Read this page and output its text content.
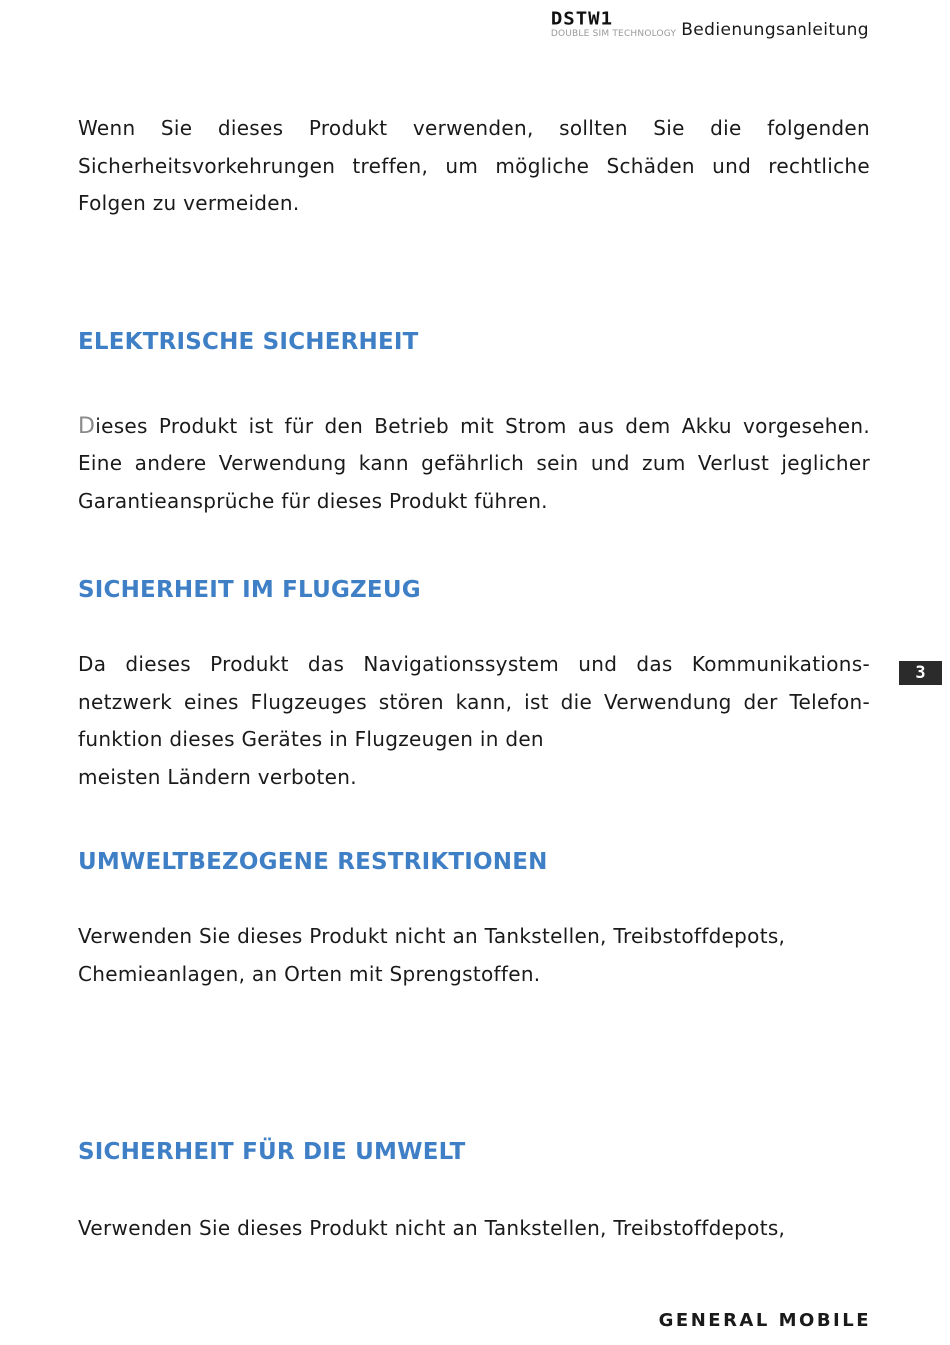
DSTW1
DOUBLE SIM TECHNOLOGY Bedienungsanleitung

Wenn Sie dieses Produkt verwenden, sollten Sie die folgenden Sicherheitsvorkehrungen treffen, um mögliche Schäden und rechtliche Folgen zu vermeiden.

ELEKTRISCHE SICHERHEIT

Dieses Produkt ist für den Betrieb mit Strom aus dem Akku vorgesehen. Eine andere Verwendung kann gefährlich sein und zum Verlust jeglicher Garantieansprüche für dieses Produkt führen.

SICHERHEIT IM FLUGZEUG

Da dieses Produkt das Navigationssystem und das Kommunikations-
netzwerk eines Flugzeuges stören kann, ist die Verwendung der Telefon-
funktion dieses Gerätes in Flugzeugen in den
meisten Ländern verboten.

UMWELTBEZOGENE RESTRIKTIONEN

Verwenden Sie dieses Produkt nicht an Tankstellen, Treibstoffdepots, Chemieanlagen, an Orten mit Sprengstoffen.

SICHERHEIT FÜR DIE UMWELT

Verwenden Sie dieses Produkt nicht an Tankstellen, Treibstoffdepots,

3
GENERAL MOBILE
